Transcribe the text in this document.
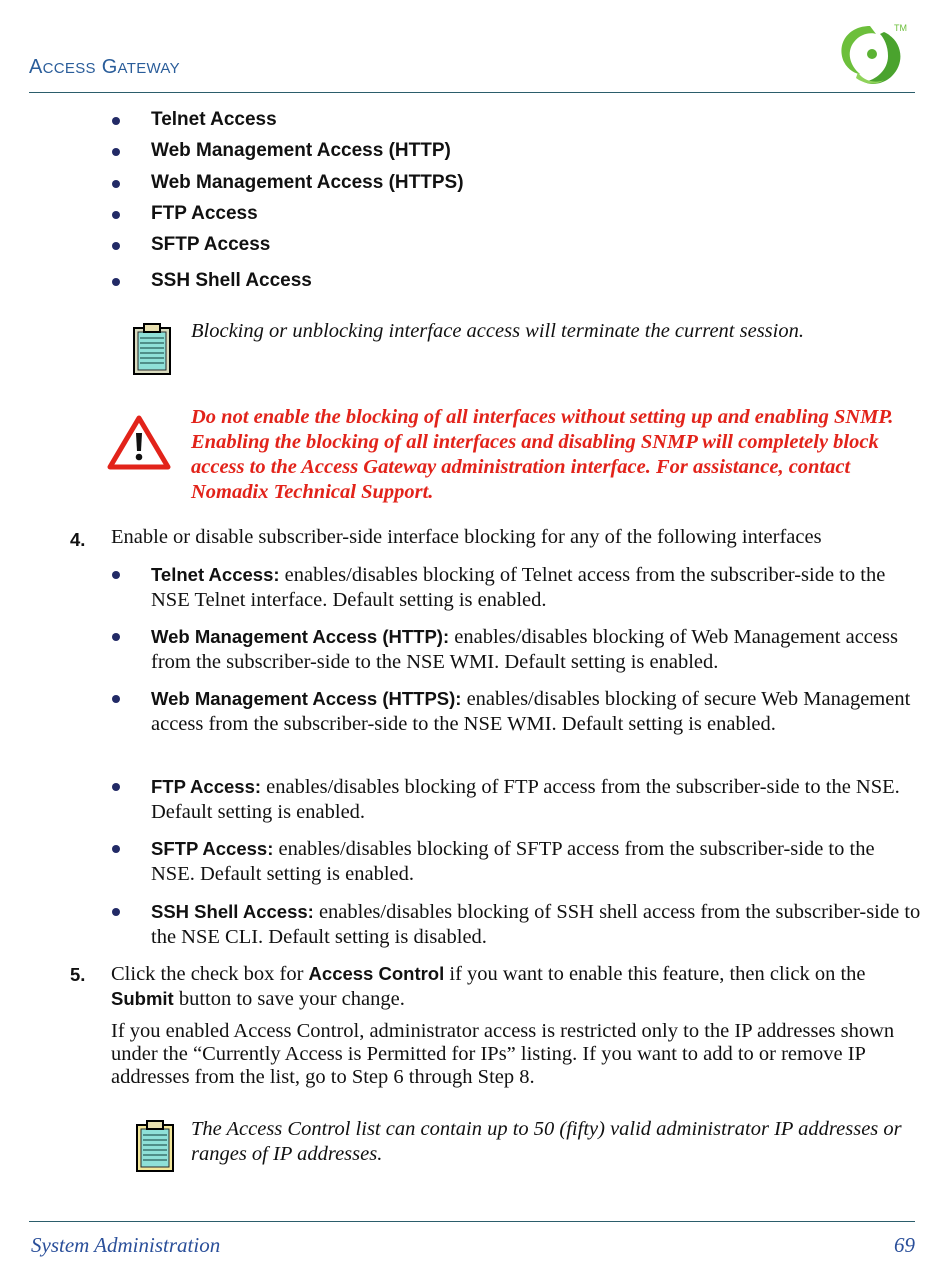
ACCESS GATEWAY
TM
Telnet Access
Web Management Access (HTTP)
Web Management Access (HTTPS)
FTP Access
SFTP Access
SSH Shell Access
Blocking or unblocking interface access will terminate the current session.
Do not enable the blocking of all interfaces without setting up and enabling SNMP. Enabling the blocking of all interfaces and disabling SNMP will completely block access to the Access Gateway administration interface. For assistance, contact Nomadix Technical Support.
4. Enable or disable subscriber-side interface blocking for any of the following interfaces
Telnet Access: enables/disables blocking of Telnet access from the subscriber-side to the NSE Telnet interface. Default setting is enabled.
Web Management Access (HTTP): enables/disables blocking of Web Management access from the subscriber-side to the NSE WMI. Default setting is enabled.
Web Management Access (HTTPS): enables/disables blocking of secure Web Management access from the subscriber-side to the NSE WMI. Default setting is enabled.
FTP Access: enables/disables blocking of FTP access from the subscriber-side to the NSE. Default setting is enabled.
SFTP Access: enables/disables blocking of SFTP access from the subscriber-side to the NSE. Default setting is enabled.
SSH Shell Access: enables/disables blocking of SSH shell access from the subscriber-side to the NSE CLI. Default setting is disabled.
5. Click the check box for Access Control if you want to enable this feature, then click on the Submit button to save your change.
If you enabled Access Control, administrator access is restricted only to the IP addresses shown under the “Currently Access is Permitted for IPs” listing. If you want to add to or remove IP addresses from the list, go to Step 6 through Step 8.
The Access Control list can contain up to 50 (fifty) valid administrator IP addresses or ranges of IP addresses.
System Administration	69
